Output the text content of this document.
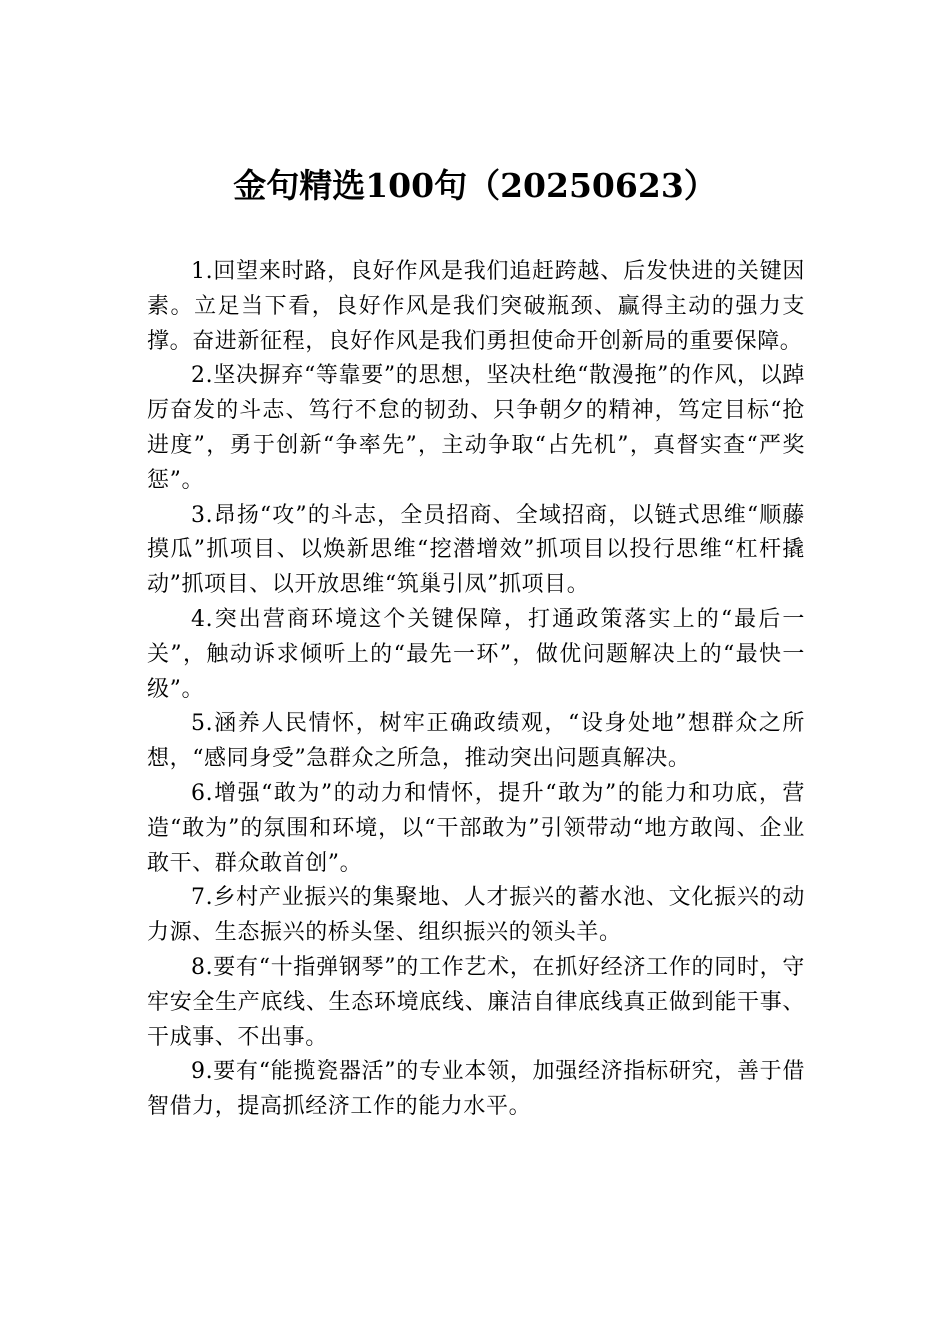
金句精选100句（20250623）

1.回望来时路，良好作风是我们追赶跨越、后发快进的关键因素。立足当下看，良好作风是我们突破瓶颈、赢得主动的强力支撑。奋进新征程，良好作风是我们勇担使命开创新局的重要保障。

2.坚决摒弃“等靠要”的思想，坚决杜绝“散漫拖”的作风，以踔厉奋发的斗志、笃行不怠的韧劲、只争朝夕的精神，笃定目标“抢进度”，勇于创新“争率先”，主动争取“占先机”，真督实查“严奖惩”。

3.昂扬“攻”的斗志，全员招商、全域招商，以链式思维“顺藤摸瓜”抓项目、以焕新思维“挖潜增效”抓项目以投行思维“杠杆撬动”抓项目、以开放思维“筑巢引凤”抓项目。

4.突出营商环境这个关键保障，打通政策落实上的“最后一关”，触动诉求倾听上的“最先一环”，做优问题解决上的“最快一级”。

5.涵养人民情怀，树牢正确政绩观，“设身处地”想群众之所想，“感同身受”急群众之所急，推动突出问题真解决。

6.增强“敢为”的动力和情怀，提升“敢为”的能力和功底，营造“敢为”的氛围和环境，以“干部敢为”引领带动“地方敢闯、企业敢干、群众敢首创”。

7.乡村产业振兴的集聚地、人才振兴的蓄水池、文化振兴的动力源、生态振兴的桥头堡、组织振兴的领头羊。

8.要有“十指弹钢琴”的工作艺术，在抓好经济工作的同时，守牢安全生产底线、生态环境底线、廉洁自律底线真正做到能干事、干成事、不出事。

9.要有“能揽瓷器活”的专业本领，加强经济指标研究，善于借智借力，提高抓经济工作的能力水平。
